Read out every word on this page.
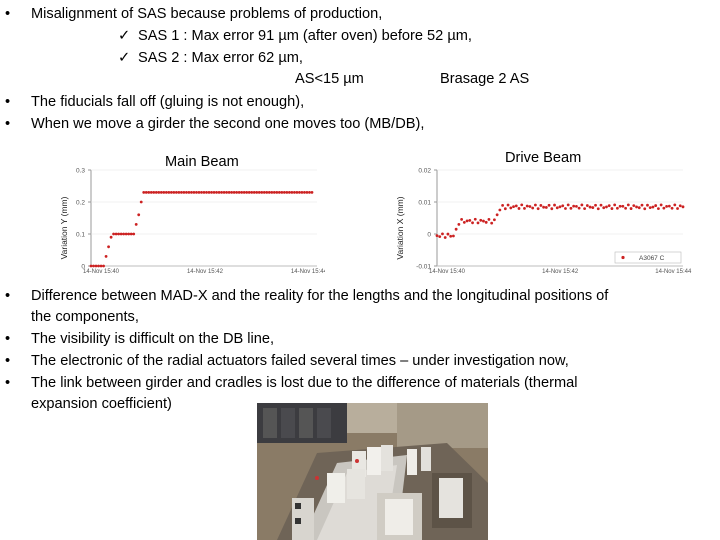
• Misalignment of SAS because problems of production,
✓ SAS 1 : Max error 91 µm (after oven) before 52 µm,
✓ SAS 2 : Max error 62 µm,
AS<15 µm	Brasage 2 AS
• The fiducials fall off (gluing is not enough),
• When we move a girder the second one moves too (MB/DB),
Main Beam
0
0.1
0.2
0.3
14-Nov 15:40	14-Nov 15:42	14-Nov 15:44
Variation Y (mm)
Drive Beam
-0.01
0
0.01
0.02
14-Nov 15:40	14-Nov 15:42	14-Nov 15:44
Variation X (mm)	A3067 C
• Difference between MAD-X and the reality for the lengths and the longitudinal positions of
the components,
• The visibility is difficult on the DB line,
• The electronic of the radial actuators failed several times – under investigation now,
• The link between girder and cradles is lost due to the difference of materials (thermal
expansion coefficient)
